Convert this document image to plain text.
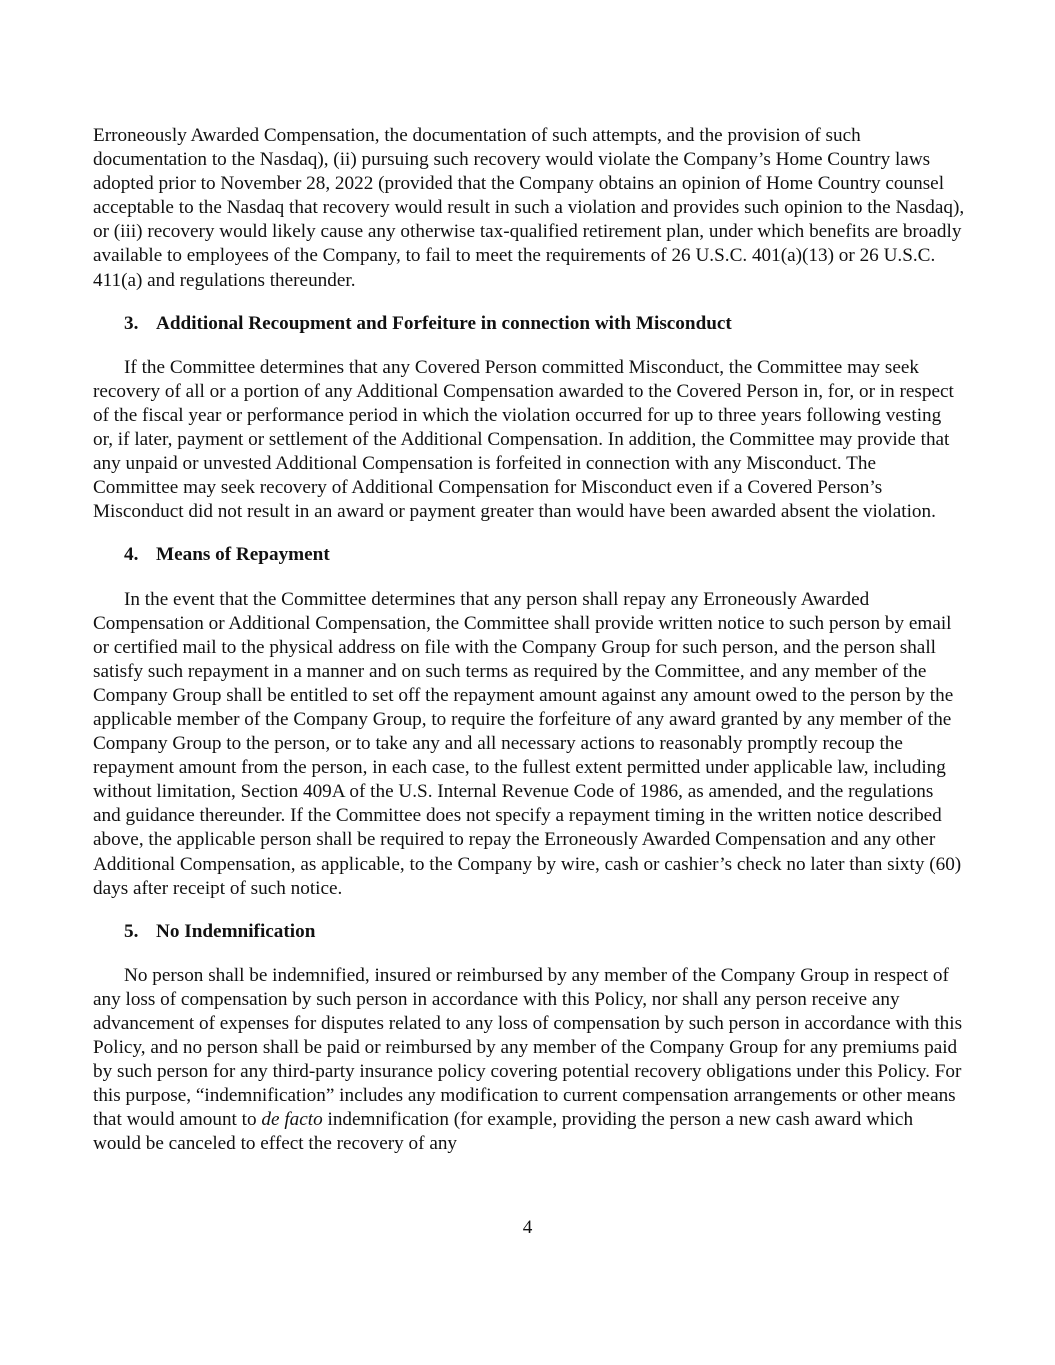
Erroneously Awarded Compensation, the documentation of such attempts, and the provision of such documentation to the Nasdaq), (ii) pursuing such recovery would violate the Company’s Home Country laws adopted prior to November 28, 2022 (provided that the Company obtains an opinion of Home Country counsel acceptable to the Nasdaq that recovery would result in such a violation and provides such opinion to the Nasdaq), or (iii) recovery would likely cause any otherwise tax-qualified retirement plan, under which benefits are broadly available to employees of the Company, to fail to meet the requirements of 26 U.S.C. 401(a)(13) or 26 U.S.C. 411(a) and regulations thereunder.

3. Additional Recoupment and Forfeiture in connection with Misconduct

If the Committee determines that any Covered Person committed Misconduct, the Committee may seek recovery of all or a portion of any Additional Compensation awarded to the Covered Person in, for, or in respect of the fiscal year or performance period in which the violation occurred for up to three years following vesting or, if later, payment or settlement of the Additional Compensation. In addition, the Committee may provide that any unpaid or unvested Additional Compensation is forfeited in connection with any Misconduct. The Committee may seek recovery of Additional Compensation for Misconduct even if a Covered Person’s Misconduct did not result in an award or payment greater than would have been awarded absent the violation.

4. Means of Repayment

In the event that the Committee determines that any person shall repay any Erroneously Awarded Compensation or Additional Compensation, the Committee shall provide written notice to such person by email or certified mail to the physical address on file with the Company Group for such person, and the person shall satisfy such repayment in a manner and on such terms as required by the Committee, and any member of the Company Group shall be entitled to set off the repayment amount against any amount owed to the person by the applicable member of the Company Group, to require the forfeiture of any award granted by any member of the Company Group to the person, or to take any and all necessary actions to reasonably promptly recoup the repayment amount from the person, in each case, to the fullest extent permitted under applicable law, including without limitation, Section 409A of the U.S. Internal Revenue Code of 1986, as amended, and the regulations and guidance thereunder. If the Committee does not specify a repayment timing in the written notice described above, the applicable person shall be required to repay the Erroneously Awarded Compensation and any other Additional Compensation, as applicable, to the Company by wire, cash or cashier’s check no later than sixty (60) days after receipt of such notice.

5. No Indemnification

No person shall be indemnified, insured or reimbursed by any member of the Company Group in respect of any loss of compensation by such person in accordance with this Policy, nor shall any person receive any advancement of expenses for disputes related to any loss of compensation by such person in accordance with this Policy, and no person shall be paid or reimbursed by any member of the Company Group for any premiums paid by such person for any third-party insurance policy covering potential recovery obligations under this Policy. For this purpose, “indemnification” includes any modification to current compensation arrangements or other means that would amount to de facto indemnification (for example, providing the person a new cash award which would be canceled to effect the recovery of any

4
